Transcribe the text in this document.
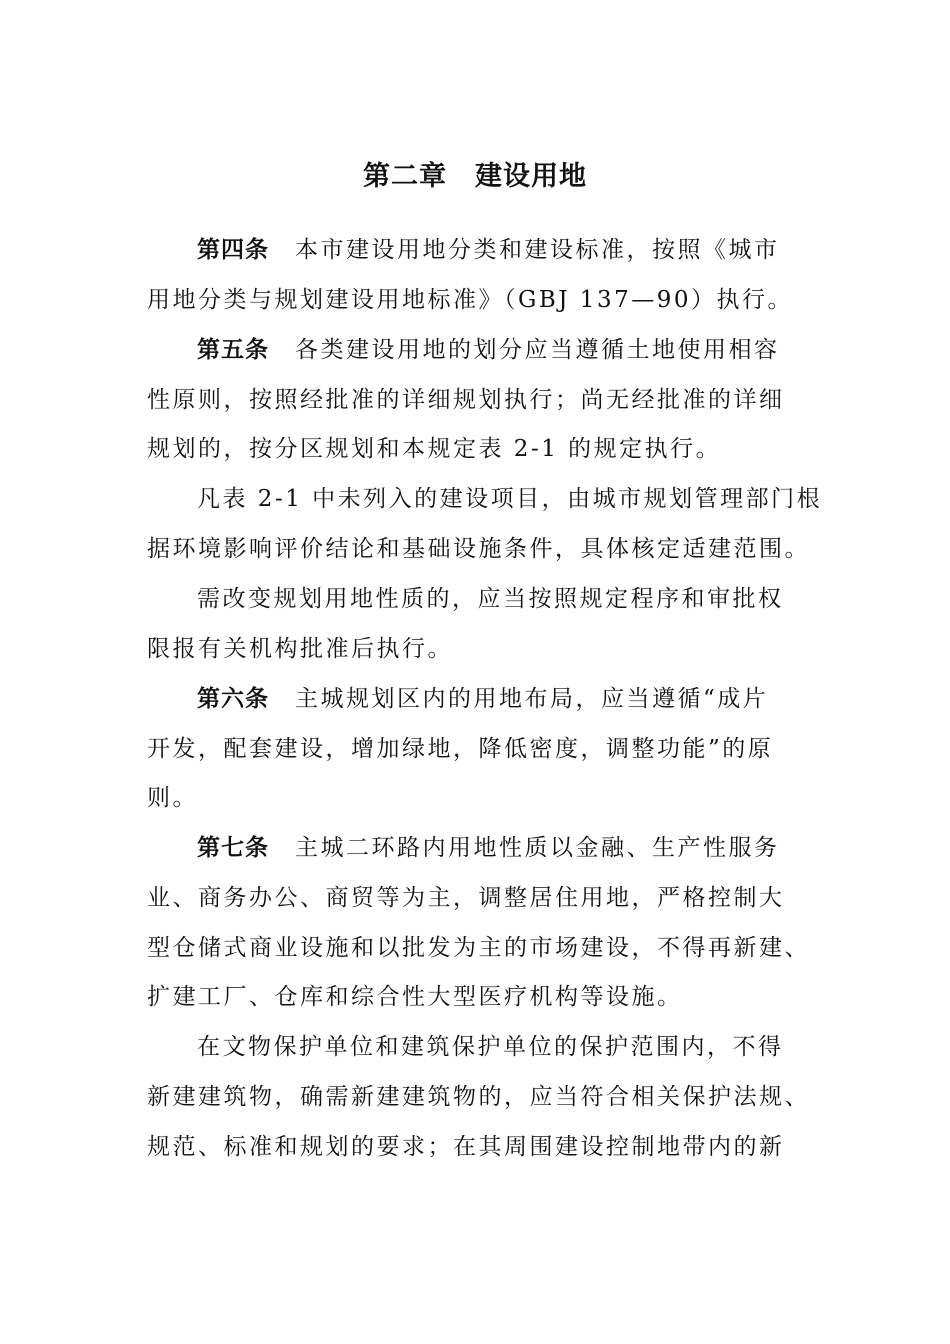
第二章　建设用地
第四条 本市建设用地分类和建设标准，按照《城市
用地分类与规划建设用地标准》（GBJ 137—90）执行。
第五条 各类建设用地的划分应当遵循土地使用相容
性原则，按照经批准的详细规划执行；尚无经批准的详细
规划的，按分区规划和本规定表 2-1 的规定执行。
凡表 2-1 中未列入的建设项目，由城市规划管理部门根
据环境影响评价结论和基础设施条件，具体核定适建范围。
需改变规划用地性质的，应当按照规定程序和审批权
限报有关机构批准后执行。
第六条 主城规划区内的用地布局，应当遵循“成片
开发，配套建设，增加绿地，降低密度，调整功能”的原
则。
第七条 主城二环路内用地性质以金融、生产性服务
业、商务办公、商贸等为主，调整居住用地，严格控制大
型仓储式商业设施和以批发为主的市场建设，不得再新建、
扩建工厂、仓库和综合性大型医疗机构等设施。
在文物保护单位和建筑保护单位的保护范围内，不得
新建建筑物，确需新建建筑物的，应当符合相关保护法规、
规范、标准和规划的要求；在其周围建设控制地带内的新
